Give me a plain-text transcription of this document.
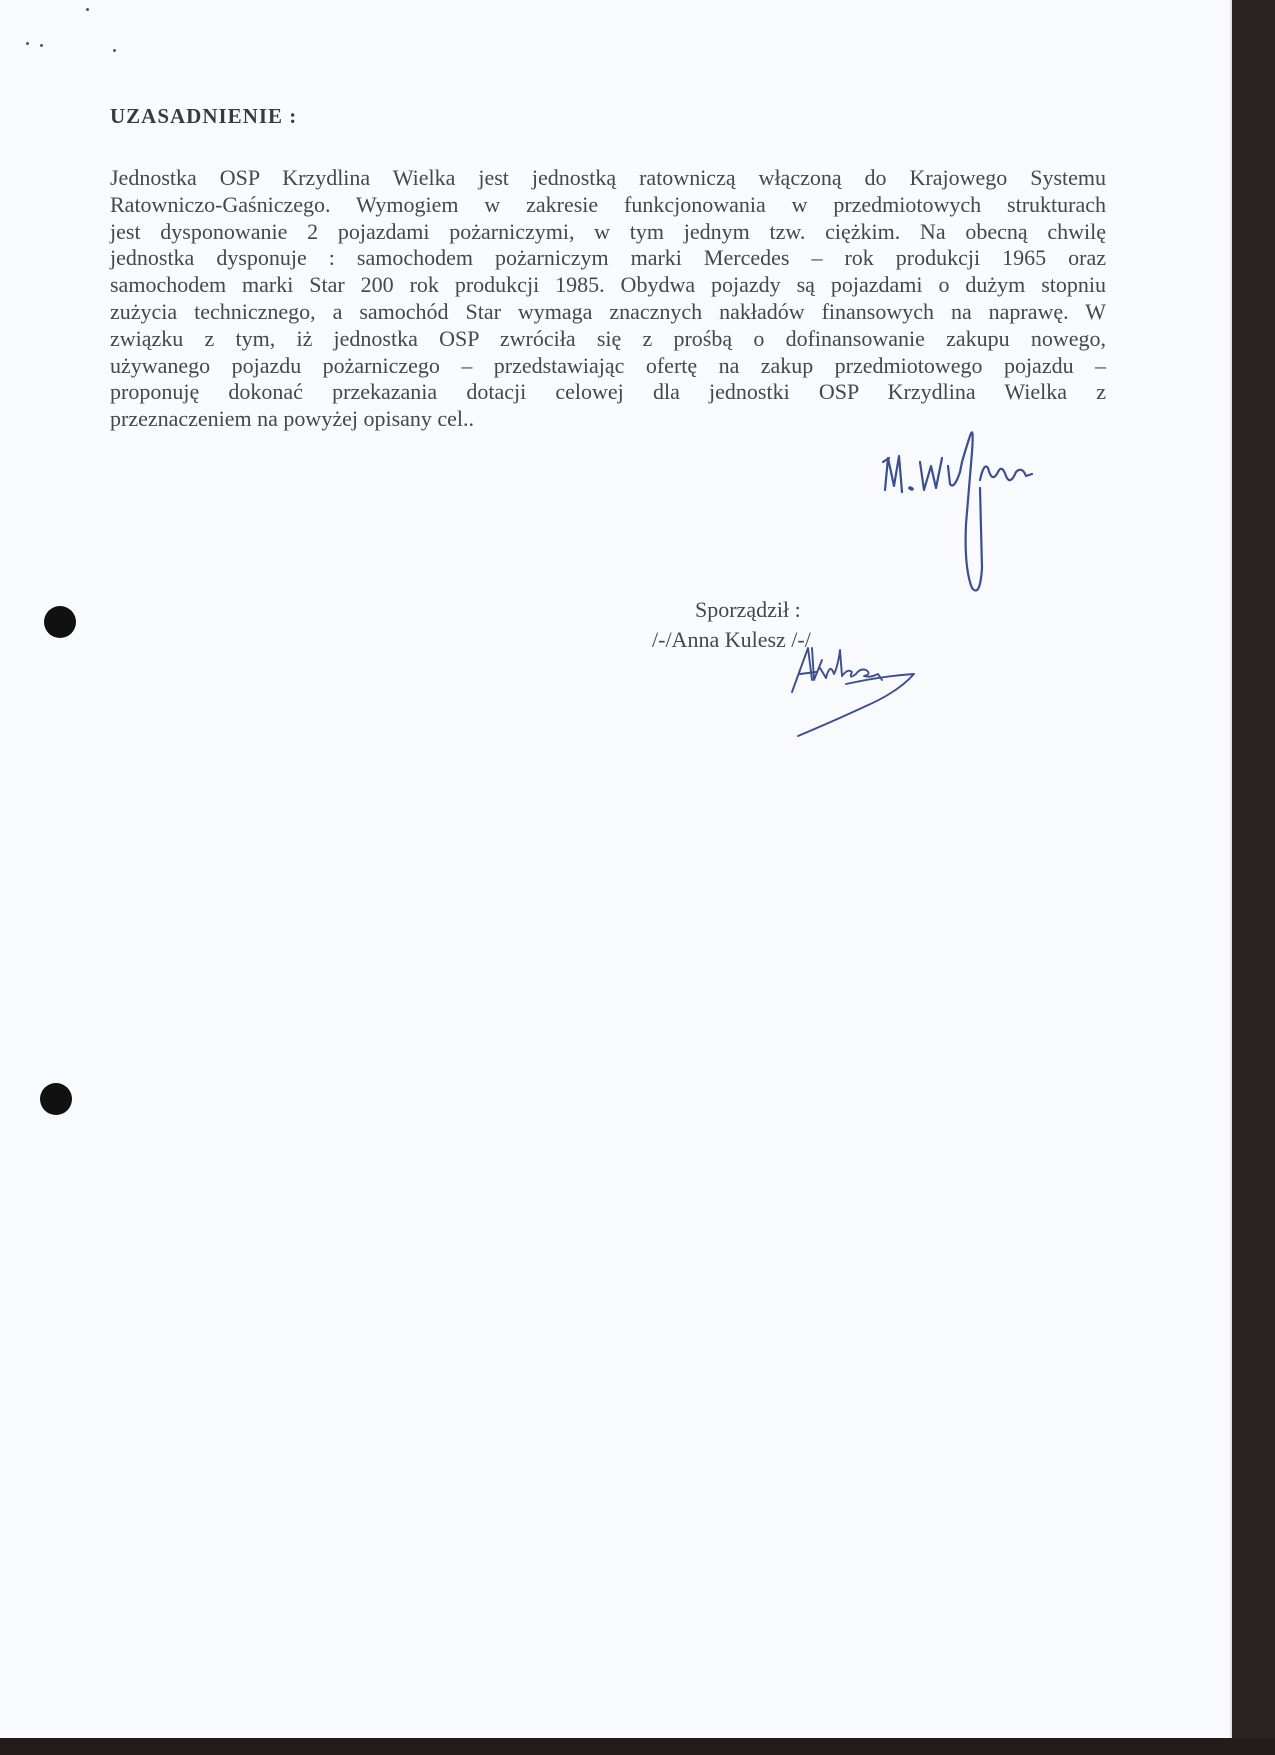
UZASADNIENIE :
Jednostka OSP Krzydlina Wielka jest jednostką ratowniczą włączoną do Krajowego Systemu
Ratowniczo-Gaśniczego. Wymogiem w zakresie funkcjonowania w przedmiotowych strukturach
jest dysponowanie 2 pojazdami pożarniczymi, w tym jednym tzw. ciężkim. Na obecną chwilę
jednostka dysponuje : samochodem pożarniczym marki Mercedes – rok produkcji 1965 oraz
samochodem marki Star 200 rok produkcji 1985. Obydwa pojazdy są pojazdami o dużym stopniu
zużycia technicznego, a samochód Star wymaga znacznych nakładów finansowych na naprawę. W
związku z tym, iż jednostka OSP zwróciła się z prośbą o dofinansowanie zakupu nowego,
używanego pojazdu pożarniczego – przedstawiając ofertę na zakup przedmiotowego pojazdu –
proponuję dokonać przekazania dotacji celowej dla jednostki OSP Krzydlina Wielka z
przeznaczeniem na powyżej opisany cel..
Sporządził :
/-/Anna Kulesz /-/
